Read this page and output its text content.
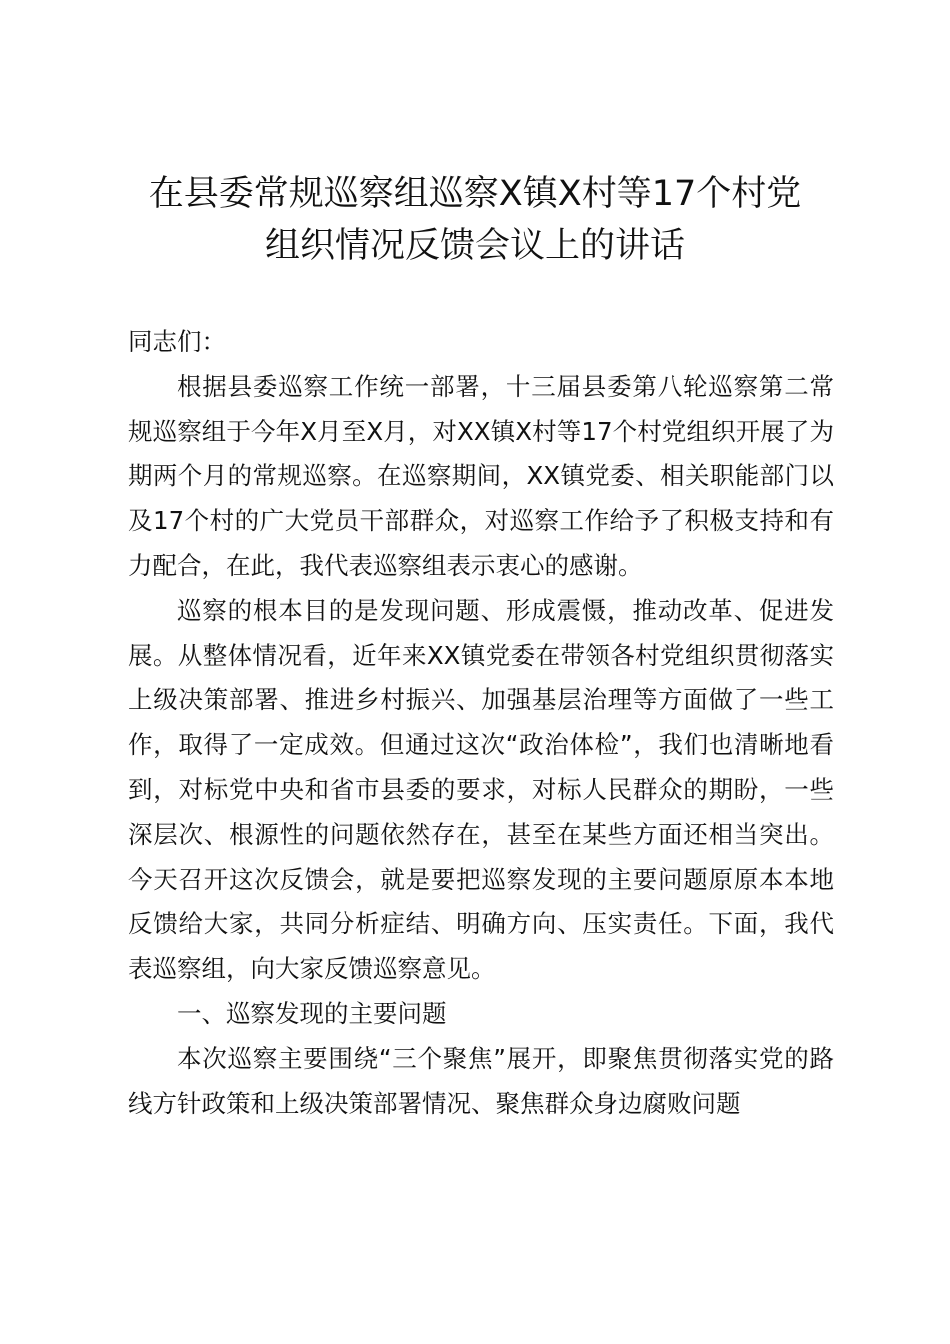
在县委常规巡察组巡察X镇X村等17个村党
组织情况反馈会议上的讲话

同志们：

根据县委巡察工作统一部署，十三届县委第八轮巡察第二常规巡察组于今年X月至X月，对XX镇X村等17个村党组织开展了为期两个月的常规巡察。在巡察期间，XX镇党委、相关职能部门以及17个村的广大党员干部群众，对巡察工作给予了积极支持和有力配合，在此，我代表巡察组表示衷心的感谢。

巡察的根本目的是发现问题、形成震慑，推动改革、促进发展。从整体情况看，近年来XX镇党委在带领各村党组织贯彻落实上级决策部署、推进乡村振兴、加强基层治理等方面做了一些工作，取得了一定成效。但通过这次“政治体检”，我们也清晰地看到，对标党中央和省市县委的要求，对标人民群众的期盼，一些深层次、根源性的问题依然存在，甚至在某些方面还相当突出。今天召开这次反馈会，就是要把巡察发现的主要问题原原本本地反馈给大家，共同分析症结、明确方向、压实责任。下面，我代表巡察组，向大家反馈巡察意见。

一、巡察发现的主要问题

本次巡察主要围绕“三个聚焦”展开，即聚焦贯彻落实党的路线方针政策和上级决策部署情况、聚焦群众身边腐败问题
